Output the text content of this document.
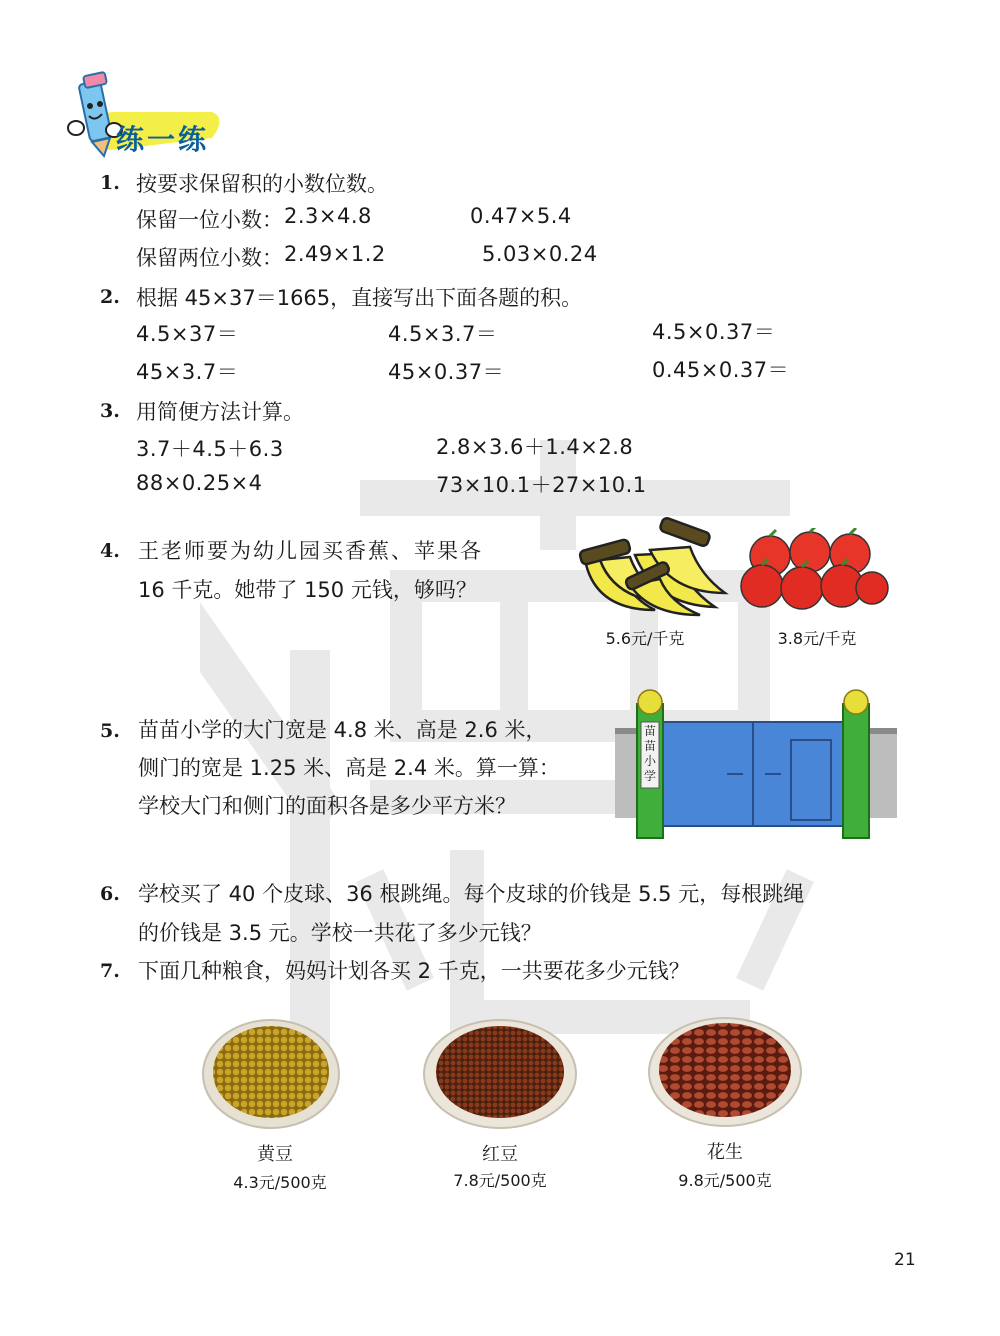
练一练
1. 按要求保留积的小数位数。
保留一位小数： 2.3×4.8	0.47×5.4
保留两位小数： 2.49×1.2	5.03×0.24
2. 根据 45×37＝1665，直接写出下面各题的积。
4.5×37＝	4.5×3.7＝	4.5×0.37＝
45×3.7＝	45×0.37＝	0.45×0.37＝
3. 用简便方法计算。
3.7＋4.5＋6.3	2.8×3.6＋1.4×2.8
88×0.25×4	73×10.1＋27×10.1
4. 王老师要为幼儿园买香蕉、苹果各
16 千克。她带了 150 元钱，够吗？
5.6元/千克	3.8元/千克
5. 苗苗小学的大门宽是 4.8 米、高是 2.6 米，
侧门的宽是 1.25 米、高是 2.4 米。算一算：
学校大门和侧门的面积各是多少平方米？
苗苗小学
6. 学校买了 40 个皮球、36 根跳绳。每个皮球的价钱是 5.5 元，每根跳绳
的价钱是 3.5 元。学校一共花了多少元钱？
7. 下面几种粮食，妈妈计划各买 2 千克，一共要花多少元钱？
黄豆
4.3元/500克
红豆
7.8元/500克
花生
9.8元/500克
21
